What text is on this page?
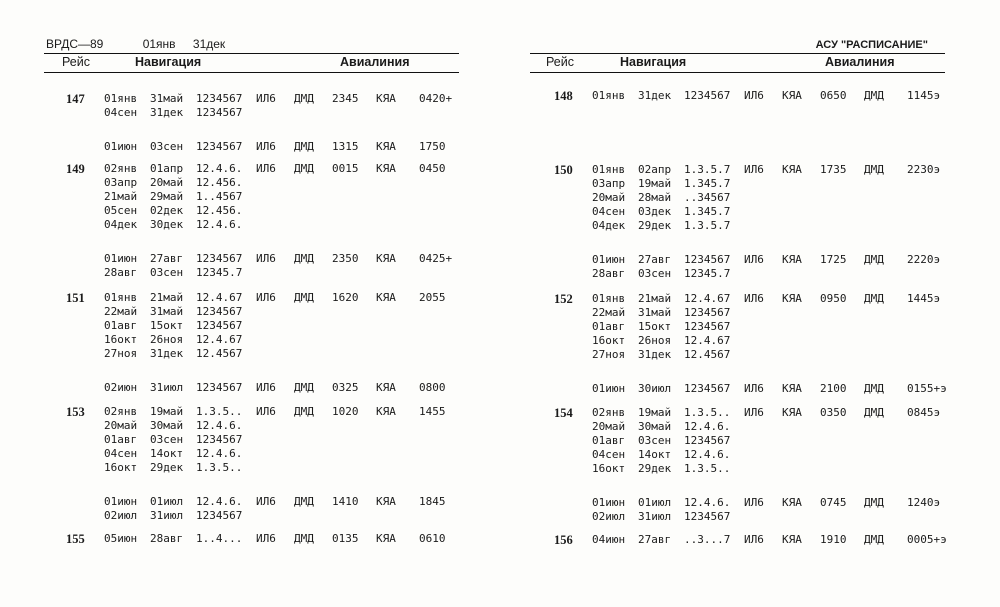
ВРДС—89	01янв 31дек
Рейс	Навигация	Авиалиния
147 01янв 31май 1234567 ИЛ6 ДМД 2345 КЯА 0420+
04сен 31дек 1234567
01июн 03сен 1234567 ИЛ6 ДМД 1315 КЯА 1750
149 02янв 01апр 12.4.6. ИЛ6 ДМД 0015 КЯА 0450
03апр 20май 12.456.
21май 29май 1..4567
05сен 02дек 12.456.
04дек 30дек 12.4.6.
01июн 27авг 1234567 ИЛ6 ДМД 2350 КЯА 0425+
28авг 03сен 12345.7
151 01янв 21май 12.4.67 ИЛ6 ДМД 1620 КЯА 2055
22май 31май 1234567
01авг 15окт 1234567
16окт 26ноя 12.4.67
27ноя 31дек 12.4567
02июн 31июл 1234567 ИЛ6 ДМД 0325 КЯА 0800
153 02янв 19май 1.3.5.. ИЛ6 ДМД 1020 КЯА 1455
20май 30май 12.4.6.
01авг 03сен 1234567
04сен 14окт 12.4.6.
16окт 29дек 1.3.5..
01июн 01июл 12.4.6. ИЛ6 ДМД 1410 КЯА 1845
02июл 31июл 1234567
155 05июн 28авг 1..4... ИЛ6 ДМД 0135 КЯА 0610
АСУ "РАСПИСАНИЕ"
Рейс	Навигация	Авиалиния
148 01янв 31дек 1234567 ИЛ6 КЯА 0650 ДМД 1145э
150 01янв 02апр 1.3.5.7 ИЛ6 КЯА 1735 ДМД 2230э
03апр 19май 1.345.7
20май 28май ..34567
04сен 03дек 1.345.7
04дек 29дек 1.3.5.7
01июн 27авг 1234567 ИЛ6 КЯА 1725 ДМД 2220э
28авг 03сен 12345.7
152 01янв 21май 12.4.67 ИЛ6 КЯА 0950 ДМД 1445э
22май 31май 1234567
01авг 15окт 1234567
16окт 26ноя 12.4.67
27ноя 31дек 12.4567
01июн 30июл 1234567 ИЛ6 КЯА 2100 ДМД 0155+э
154 02янв 19май 1.3.5.. ИЛ6 КЯА 0350 ДМД 0845э
20май 30май 12.4.6.
01авг 03сен 1234567
04сен 14окт 12.4.6.
16окт 29дек 1.3.5..
01июн 01июл 12.4.6. ИЛ6 КЯА 0745 ДМД 1240э
02июл 31июл 1234567
156 04июн 27авг ..3...7 ИЛ6 КЯА 1910 ДМД 0005+э
